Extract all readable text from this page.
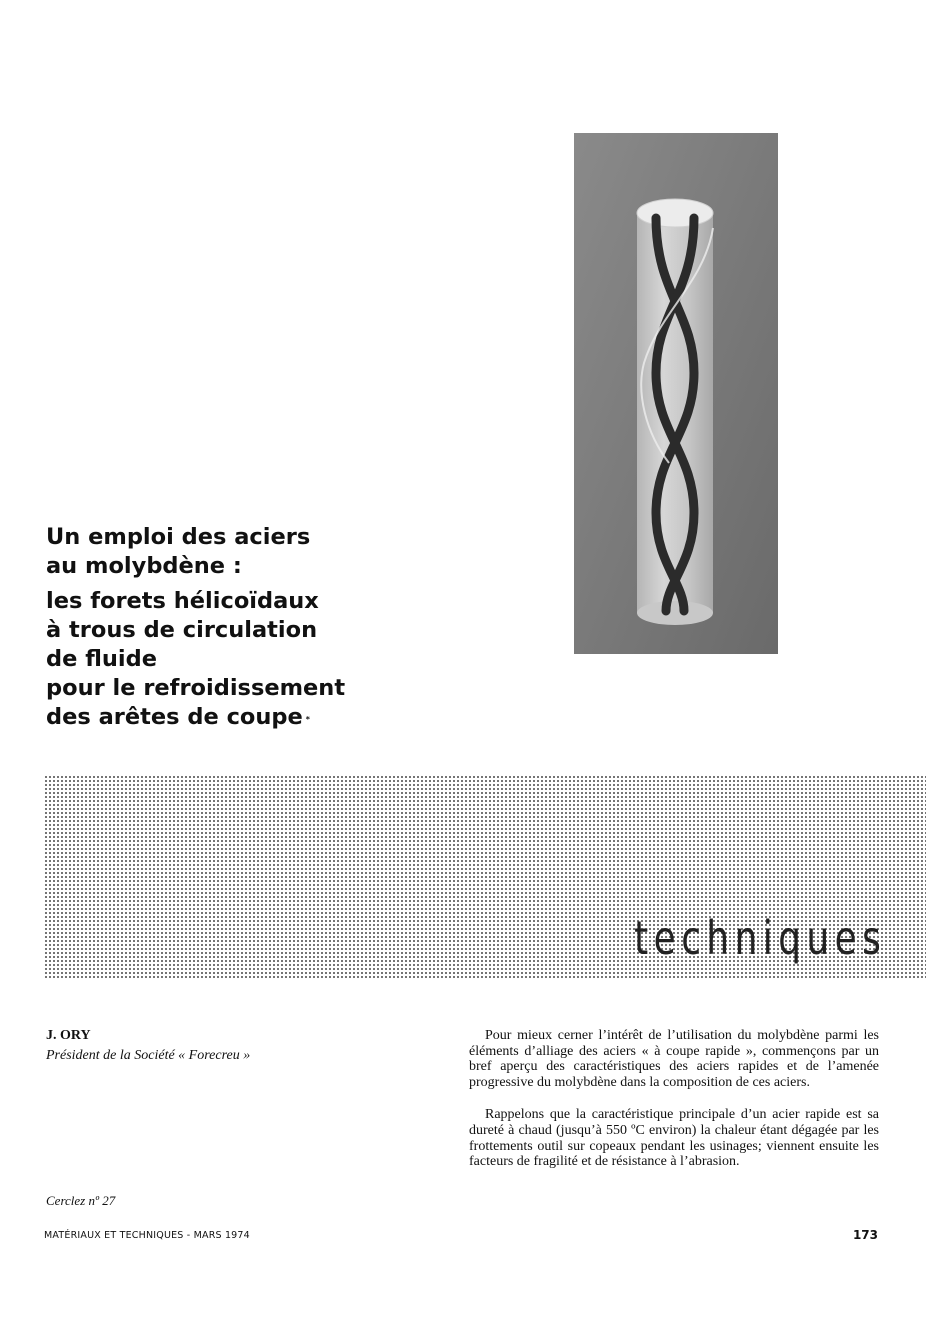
Un emploi des aciers
au molybdène :
les forets hélicoïdaux
à trous de circulation
de fluide
pour le refroidissement
des arêtes de coupe *
techniques
J. ORY
Président de la Société « Forecreu »
Cerclez nº 27

Pour mieux cerner l’intérêt de l’utilisation du molybdène parmi les éléments d’alliage des aciers « à coupe rapide », commençons par un bref aperçu des caractéristiques des aciers rapides et de l’amenée progressive du molybdène dans la composition de ces aciers.

Rappelons que la caractéristique principale d’un acier rapide est sa dureté à chaud (jusqu’à 550 ºC environ) la chaleur étant dégagée par les frottements outil sur copeaux pendant les usinages; viennent ensuite les facteurs de fragilité et de résistance à l’abrasion.

MATÉRIAUX ET TECHNIQUES - MARS 1974	173
